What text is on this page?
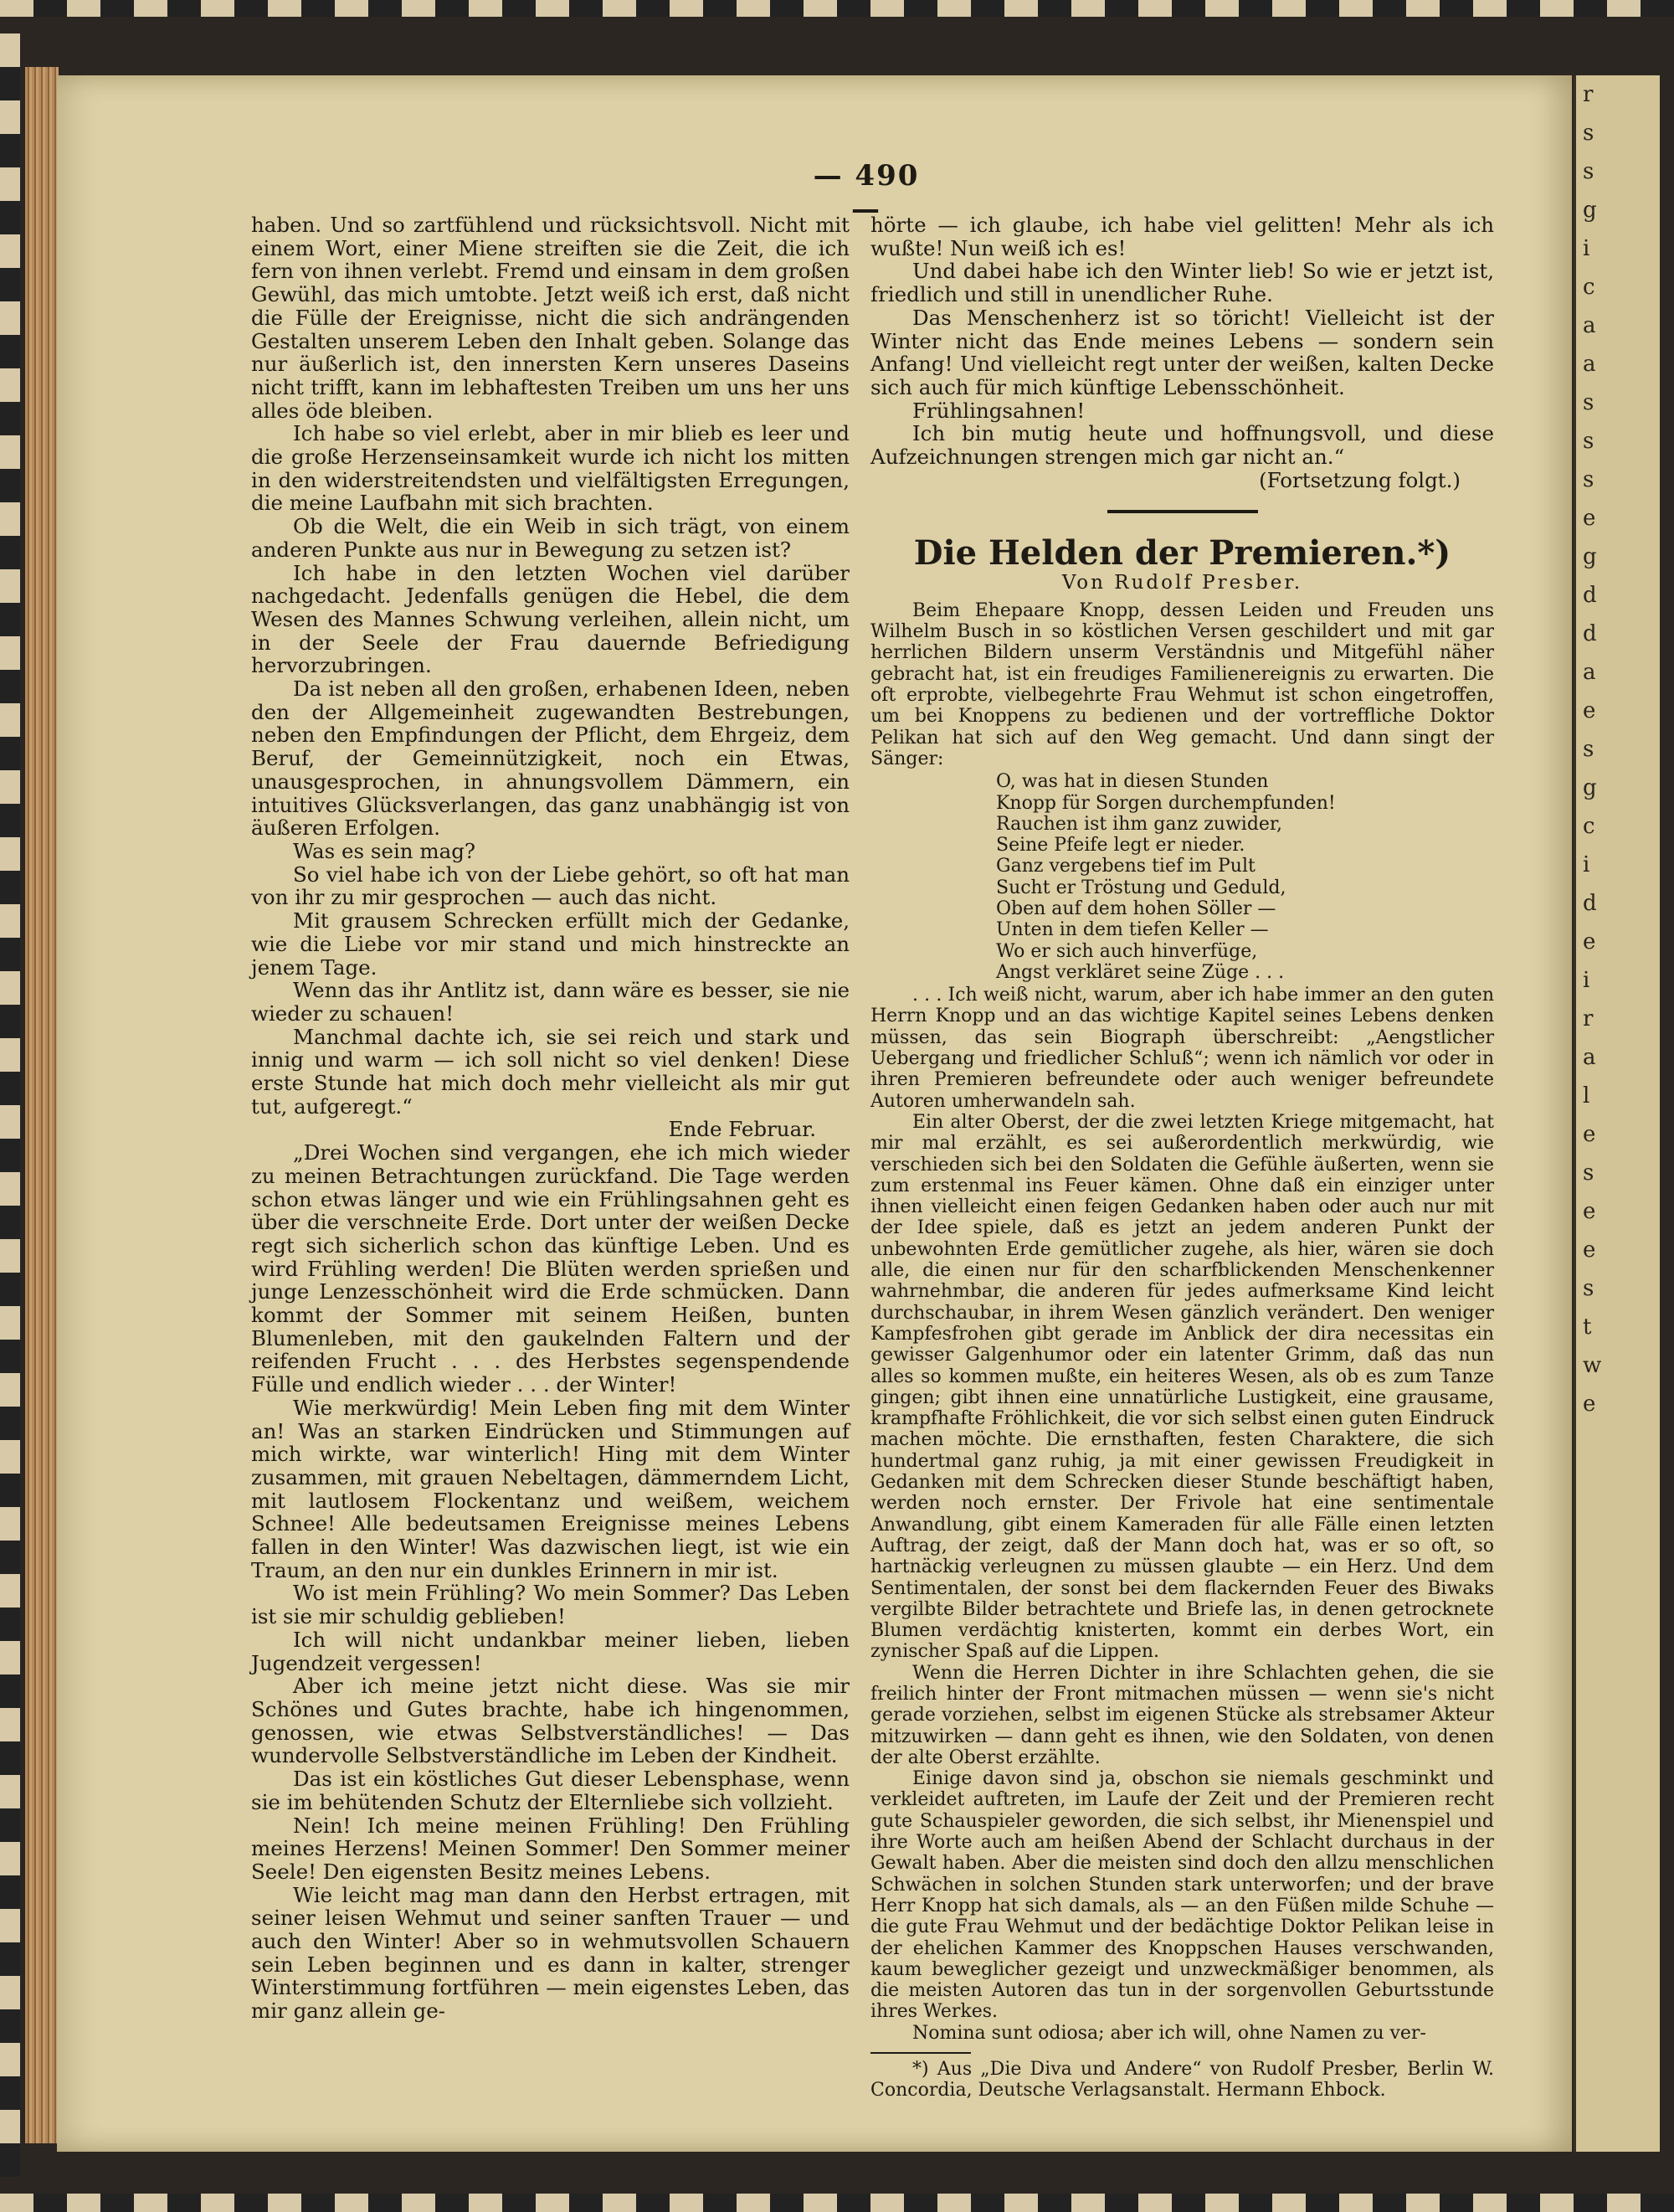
r
s
s
g
i
c
a
a
s
s
s
e
g
d
d
a
e
s
g
c
i
d
e
i
r
a
l
e
s
e
e
s
t
w
e
— 490 —

haben. Und so zartfühlend und rücksichtsvoll. Nicht mit einem Wort, einer Miene streiften sie die Zeit, die ich fern von ihnen verlebt. Fremd und einsam in dem großen Gewühl, das mich umtobte. Jetzt weiß ich erst, daß nicht die Fülle der Ereignisse, nicht die sich andrängenden Gestalten unserem Leben den Inhalt geben. Solange das nur äußerlich ist, den innersten Kern unseres Daseins nicht trifft, kann im lebhaftesten Treiben um uns her uns alles öde bleiben.

Ich habe so viel erlebt, aber in mir blieb es leer und die große Herzenseinsamkeit wurde ich nicht los mitten in den widerstreitendsten und vielfältigsten Erregungen, die meine Laufbahn mit sich brachten.

Ob die Welt, die ein Weib in sich trägt, von einem anderen Punkte aus nur in Bewegung zu setzen ist?

Ich habe in den letzten Wochen viel darüber nachgedacht. Jedenfalls genügen die Hebel, die dem Wesen des Mannes Schwung verleihen, allein nicht, um in der Seele der Frau dauernde Befriedigung hervorzubringen.

Da ist neben all den großen, erhabenen Ideen, neben den der Allgemeinheit zugewandten Bestrebungen, neben den Empfindungen der Pflicht, dem Ehrgeiz, dem Beruf, der Gemeinnützigkeit, noch ein Etwas, unausgesprochen, in ahnungsvollem Dämmern, ein intuitives Glücksverlangen, das ganz unabhängig ist von äußeren Erfolgen.

Was es sein mag?

So viel habe ich von der Liebe gehört, so oft hat man von ihr zu mir gesprochen — auch das nicht.

Mit grausem Schrecken erfüllt mich der Gedanke, wie die Liebe vor mir stand und mich hinstreckte an jenem Tage.

Wenn das ihr Antlitz ist, dann wäre es besser, sie nie wieder zu schauen!

Manchmal dachte ich, sie sei reich und stark und innig und warm — ich soll nicht so viel denken! Diese erste Stunde hat mich doch mehr vielleicht als mir gut tut, aufgeregt.“

Ende Februar.

„Drei Wochen sind vergangen, ehe ich mich wieder zu meinen Betrachtungen zurückfand. Die Tage werden schon etwas länger und wie ein Frühlingsahnen geht es über die verschneite Erde. Dort unter der weißen Decke regt sich sicherlich schon das künftige Leben. Und es wird Frühling werden! Die Blüten werden sprießen und junge Lenzesschönheit wird die Erde schmücken. Dann kommt der Sommer mit seinem Heißen, bunten Blumenleben, mit den gaukelnden Faltern und der reifenden Frucht . . . des Herbstes segenspendende Fülle und endlich wieder . . . der Winter!

Wie merkwürdig! Mein Leben fing mit dem Winter an! Was an starken Eindrücken und Stimmungen auf mich wirkte, war winterlich! Hing mit dem Winter zusammen, mit grauen Nebeltagen, dämmerndem Licht, mit lautlosem Flockentanz und weißem, weichem Schnee! Alle bedeutsamen Ereignisse meines Lebens fallen in den Winter! Was dazwischen liegt, ist wie ein Traum, an den nur ein dunkles Erinnern in mir ist.

Wo ist mein Frühling? Wo mein Sommer? Das Leben ist sie mir schuldig geblieben!

Ich will nicht undankbar meiner lieben, lieben Jugendzeit vergessen!

Aber ich meine jetzt nicht diese. Was sie mir Schönes und Gutes brachte, habe ich hingenommen, genossen, wie etwas Selbstverständliches! — Das wundervolle Selbstverständliche im Leben der Kindheit.

Das ist ein köstliches Gut dieser Lebensphase, wenn sie im behütenden Schutz der Elternliebe sich vollzieht.

Nein! Ich meine meinen Frühling! Den Frühling meines Herzens! Meinen Sommer! Den Sommer meiner Seele! Den eigensten Besitz meines Lebens.

Wie leicht mag man dann den Herbst ertragen, mit seiner leisen Wehmut und seiner sanften Trauer — und auch den Winter! Aber so in wehmutsvollen Schauern sein Leben beginnen und es dann in kalter, strenger Winterstimmung fortführen — mein eigenstes Leben, das mir ganz allein ge-

hörte — ich glaube, ich habe viel gelitten! Mehr als ich wußte! Nun weiß ich es!

Und dabei habe ich den Winter lieb! So wie er jetzt ist, friedlich und still in unendlicher Ruhe.

Das Menschenherz ist so töricht! Vielleicht ist der Winter nicht das Ende meines Lebens — sondern sein Anfang! Und vielleicht regt unter der weißen, kalten Decke sich auch für mich künftige Lebensschönheit.

Frühlingsahnen!

Ich bin mutig heute und hoffnungsvoll, und diese Aufzeichnungen strengen mich gar nicht an.“

(Fortsetzung folgt.)

Die Helden der Premieren.*)
Von Rudolf Presber.

Beim Ehepaare Knopp, dessen Leiden und Freuden uns Wilhelm Busch in so köstlichen Versen geschildert und mit gar herrlichen Bildern unserm Verständnis und Mitgefühl näher gebracht hat, ist ein freudiges Familienereignis zu erwarten. Die oft erprobte, vielbegehrte Frau Wehmut ist schon eingetroffen, um bei Knoppens zu bedienen und der vortreffliche Doktor Pelikan hat sich auf den Weg gemacht. Und dann singt der Sänger:

O, was hat in diesen Stunden
Knopp für Sorgen durchempfunden!
Rauchen ist ihm ganz zuwider,
Seine Pfeife legt er nieder.
Ganz vergebens tief im Pult
Sucht er Tröstung und Geduld,
Oben auf dem hohen Söller —
Unten in dem tiefen Keller —
Wo er sich auch hinverfüge,
Angst verkläret seine Züge . . .

. . . Ich weiß nicht, warum, aber ich habe immer an den guten Herrn Knopp und an das wichtige Kapitel seines Lebens denken müssen, das sein Biograph überschreibt: „Aengstlicher Uebergang und friedlicher Schluß“; wenn ich nämlich vor oder in ihren Premieren befreundete oder auch weniger befreundete Autoren umherwandeln sah.

Ein alter Oberst, der die zwei letzten Kriege mitgemacht, hat mir mal erzählt, es sei außerordentlich merkwürdig, wie verschieden sich bei den Soldaten die Gefühle äußerten, wenn sie zum erstenmal ins Feuer kämen. Ohne daß ein einziger unter ihnen vielleicht einen feigen Gedanken haben oder auch nur mit der Idee spiele, daß es jetzt an jedem anderen Punkt der unbewohnten Erde gemütlicher zugehe, als hier, wären sie doch alle, die einen nur für den scharfblickenden Menschenkenner wahrnehmbar, die anderen für jedes aufmerksame Kind leicht durchschaubar, in ihrem Wesen gänzlich verändert. Den weniger Kampfesfrohen gibt gerade im Anblick der dira necessitas ein gewisser Galgenhumor oder ein latenter Grimm, daß das nun alles so kommen mußte, ein heiteres Wesen, als ob es zum Tanze gingen; gibt ihnen eine unnatürliche Lustigkeit, eine grausame, krampfhafte Fröhlichkeit, die vor sich selbst einen guten Eindruck machen möchte. Die ernsthaften, festen Charaktere, die sich hundertmal ganz ruhig, ja mit einer gewissen Freudigkeit in Gedanken mit dem Schrecken dieser Stunde beschäftigt haben, werden noch ernster. Der Frivole hat eine sentimentale Anwandlung, gibt einem Kameraden für alle Fälle einen letzten Auftrag, der zeigt, daß der Mann doch hat, was er so oft, so hartnäckig verleugnen zu müssen glaubte — ein Herz. Und dem Sentimentalen, der sonst bei dem flackernden Feuer des Biwaks vergilbte Bilder betrachtete und Briefe las, in denen getrocknete Blumen verdächtig knisterten, kommt ein derbes Wort, ein zynischer Spaß auf die Lippen.

Wenn die Herren Dichter in ihre Schlachten gehen, die sie freilich hinter der Front mitmachen müssen — wenn sie's nicht gerade vorziehen, selbst im eigenen Stücke als strebsamer Akteur mitzuwirken — dann geht es ihnen, wie den Soldaten, von denen der alte Oberst erzählte.

Einige davon sind ja, obschon sie niemals geschminkt und verkleidet auftreten, im Laufe der Zeit und der Premieren recht gute Schauspieler geworden, die sich selbst, ihr Mienenspiel und ihre Worte auch am heißen Abend der Schlacht durchaus in der Gewalt haben. Aber die meisten sind doch den allzu menschlichen Schwächen in solchen Stunden stark unterworfen; und der brave Herr Knopp hat sich damals, als — an den Füßen milde Schuhe — die gute Frau Wehmut und der bedächtige Doktor Pelikan leise in der ehelichen Kammer des Knoppschen Hauses verschwanden, kaum beweglicher gezeigt und unzweckmäßiger benommen, als die meisten Autoren das tun in der sorgenvollen Geburtsstunde ihres Werkes.

Nomina sunt odiosa; aber ich will, ohne Namen zu ver-

*) Aus „Die Diva und Andere“ von Rudolf Presber, Berlin W. Concordia, Deutsche Verlagsanstalt. Hermann Ehbock.
